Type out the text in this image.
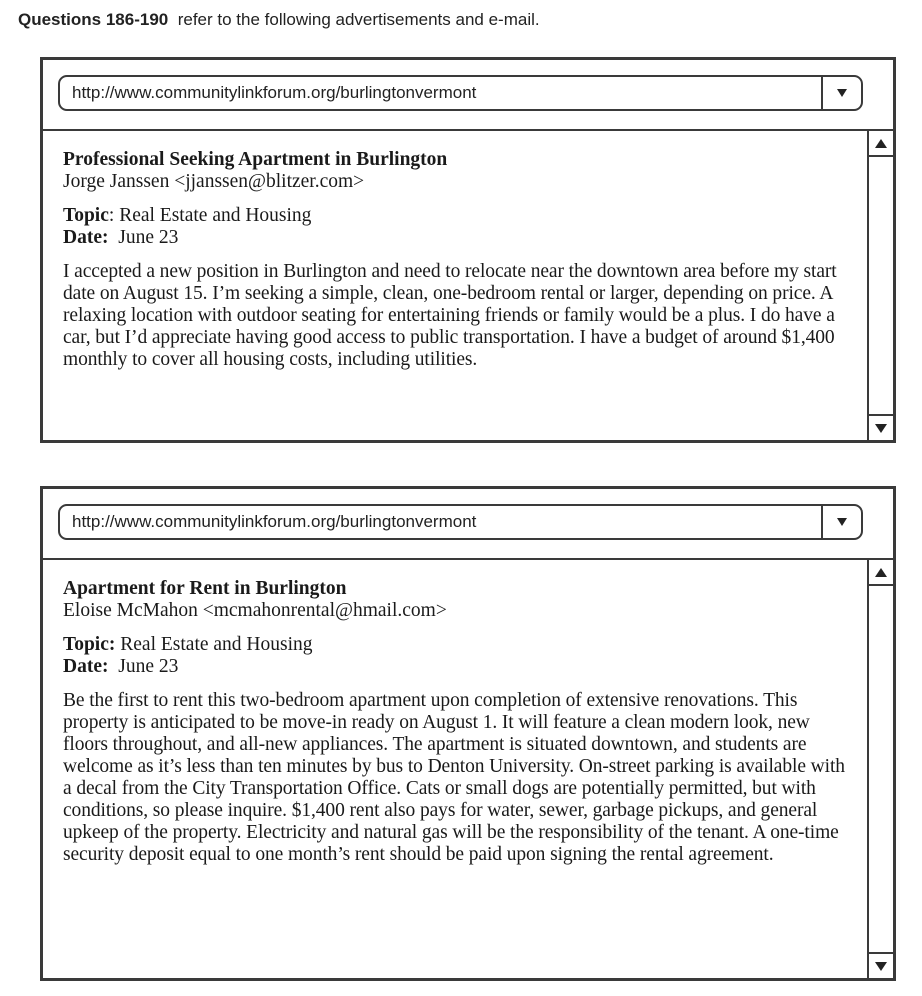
Questions 186-190 refer to the following advertisements and e-mail.
http://www.communitylinkforum.org/burlingtonvermont
Professional Seeking Apartment in Burlington
Jorge Janssen <jjanssen@blitzer.com>
Topic: Real Estate and Housing
Date:  June 23
I accepted a new position in Burlington and need to relocate near the downtown area before my start date on August 15. I’m seeking a simple, clean, one-bedroom rental or larger, depending on price. A relaxing location with outdoor seating for entertaining friends or family would be a plus. I do have a car, but I’d appreciate having good access to public transportation. I have a budget of around $1,400 monthly to cover all housing costs, including utilities.
http://www.communitylinkforum.org/burlingtonvermont
Apartment for Rent in Burlington
Eloise McMahon <mcmahonrental@hmail.com>
Topic: Real Estate and Housing
Date:  June 23
Be the first to rent this two-bedroom apartment upon completion of extensive renovations. This property is anticipated to be move-in ready on August 1. It will feature a clean modern look, new floors throughout, and all-new appliances. The apartment is situated downtown, and students are welcome as it’s less than ten minutes by bus to Denton University. On-street parking is available with a decal from the City Transportation Office. Cats or small dogs are potentially permitted, but with conditions, so please inquire. $1,400 rent also pays for water, sewer, garbage pickups, and general upkeep of the property. Electricity and natural gas will be the responsibility of the tenant. A one-time security deposit equal to one month’s rent should be paid upon signing the rental agreement.
